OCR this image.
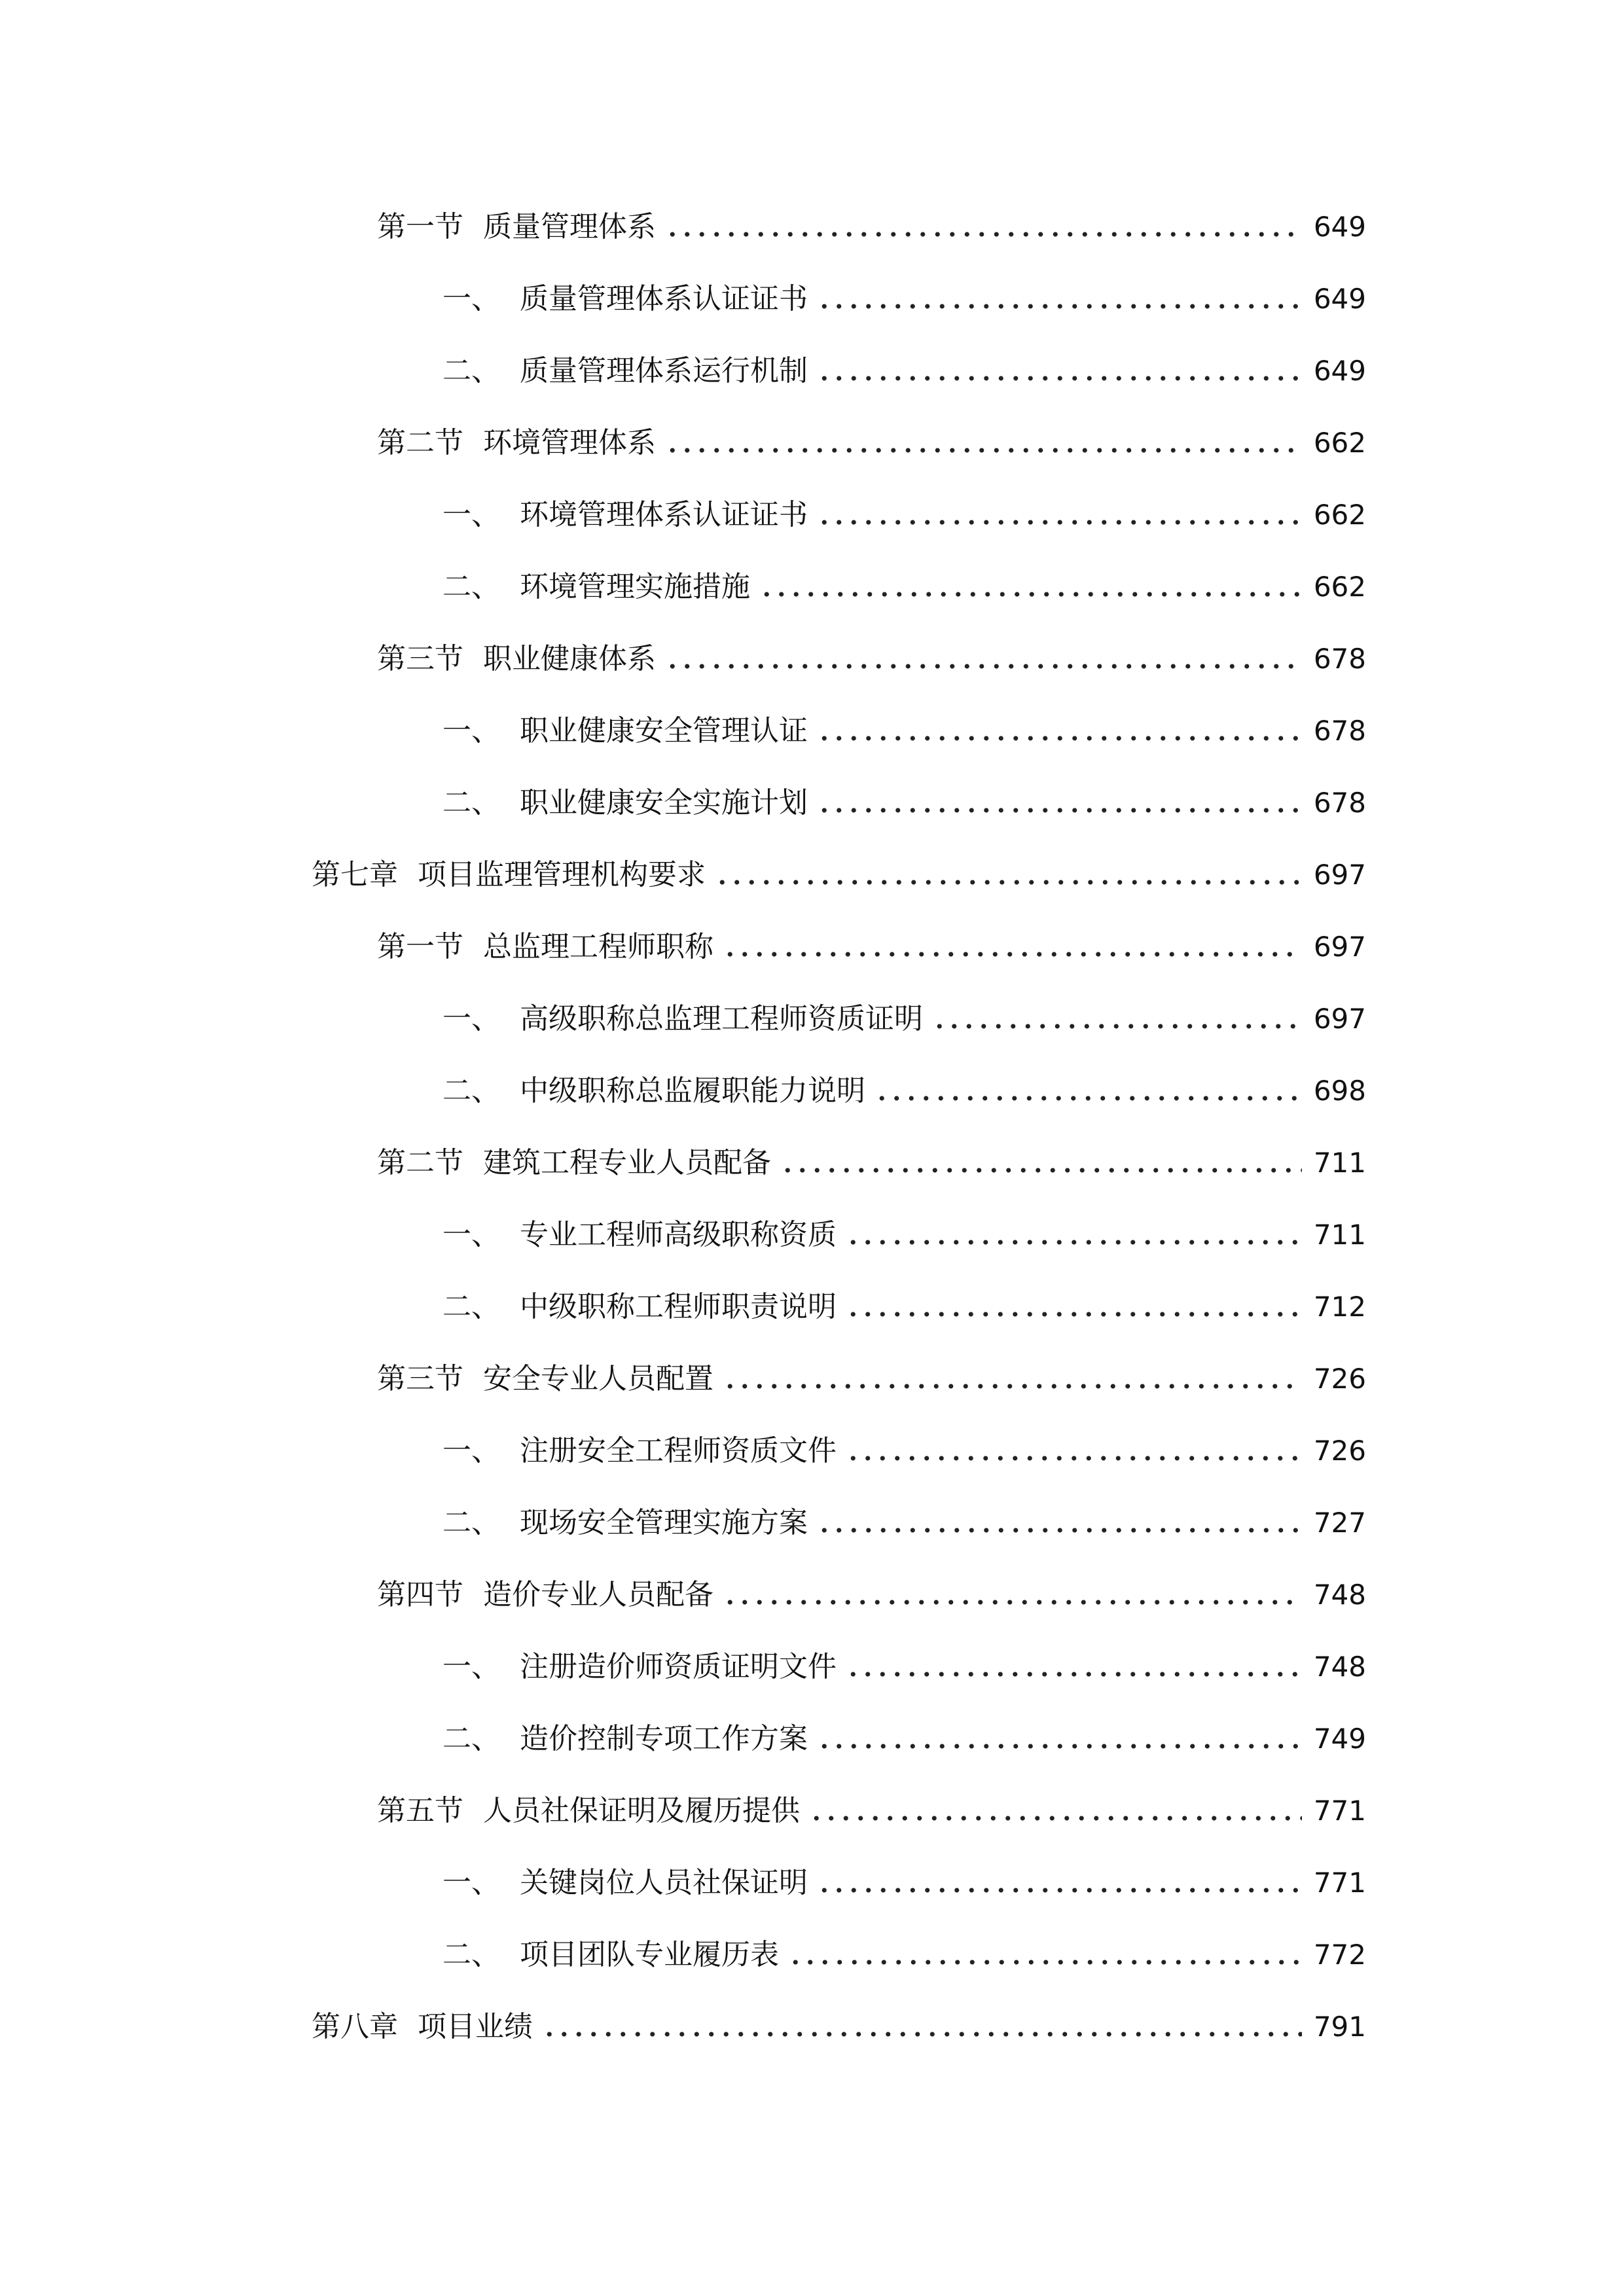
第一节 质量管理体系	649
一、 质量管理体系认证证书	649
二、 质量管理体系运行机制	649
第二节 环境管理体系	662
一、 环境管理体系认证证书	662
二、 环境管理实施措施	662
第三节 职业健康体系	678
一、 职业健康安全管理认证	678
二、 职业健康安全实施计划	678
第七章 项目监理管理机构要求	697
第一节 总监理工程师职称	697
一、 高级职称总监理工程师资质证明	697
二、 中级职称总监履职能力说明	698
第二节 建筑工程专业人员配备	711
一、 专业工程师高级职称资质	711
二、 中级职称工程师职责说明	712
第三节 安全专业人员配置	726
一、 注册安全工程师资质文件	726
二、 现场安全管理实施方案	727
第四节 造价专业人员配备	748
一、 注册造价师资质证明文件	748
二、 造价控制专项工作方案	749
第五节 人员社保证明及履历提供	771
一、 关键岗位人员社保证明	771
二、 项目团队专业履历表	772
第八章 项目业绩	791
